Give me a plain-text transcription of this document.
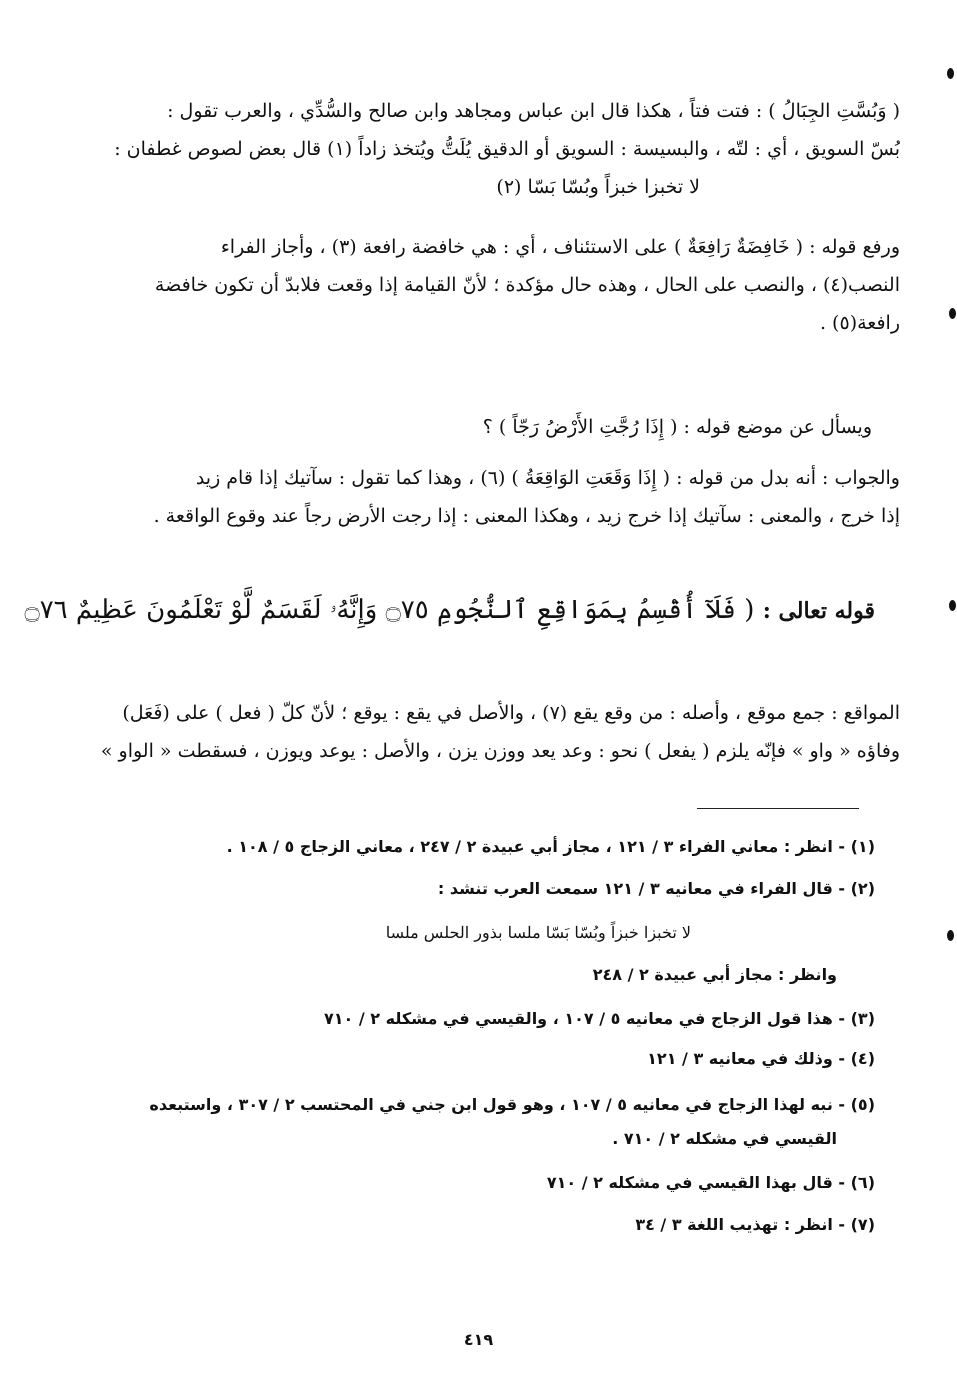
( وَبُسَّتِ الجِبَالُ ) : فتت فتاً ، هكذا قال ابن عباس ومجاهد وابن صالح والسُّدِّي ، والعرب تقول :
بُسّ السويق ، أي : لتّه ، والبسيسة : السويق أو الدقيق يُلَتُّ ويُتخذ زاداً (١) قال بعض لصوص غطفان :
لا تخبزا خبزاً وبُسّا بَسّا (٢)
ورفع قوله : ( خَافِضَةٌ رَافِعَةٌ ) على الاستئناف ، أي : هي خافضة رافعة (٣) ، وأجاز الفراء
النصب(٤) ، والنصب على الحال ، وهذه حال مؤكدة ؛ لأنّ القيامة إذا وقعت فلابدّ أن تكون خافضة
رافعة(٥) .
ويسأل عن موضع قوله : ( إِذَا رُجَّتِ الأَرْضُ رَجّاً ) ؟
والجواب : أنه بدل من قوله : ( إِذَا وَقَعَتِ الوَاقِعَةُ ) (٦) ، وهذا كما تقول : سآتيك إذا قام زيد
إذا خرج ، والمعنى : سآتيك إذا خرج زيد ، وهكذا المعنى : إذا رجت الأرض رجاً عند وقوع الواقعة .
قوله تعالى : ( فَلَآ أُقْسِمُ بِمَوَاقِعِ ٱلنُّجُومِ ۝٧٥ وَإِنَّهُۥ لَقَسَمٌ لَّوْ تَعْلَمُونَ عَظِيمٌ ۝٧٦
المواقع : جمع موقع ، وأصله : من وقع يقع (٧) ، والأصل في يقع : يوقع ؛ لأنّ كلّ ( فعل ) على (فَعَل)
وفاؤه « واو » فإنّه يلزم ( يفعل ) نحو : وعد يعد ووزن يزن ، والأصل : يوعد ويوزن ، فسقطت « الواو »
(١) - انظر : معاني الفراء ٣ / ١٢١ ، مجاز أبي عبيدة ٢ / ٢٤٧ ، معاني الزجاج ٥ / ١٠٨ .
(٢) - قال الفراء في معانيه ٣ / ١٢١ سمعت العرب تنشد :
لا تخبزا خبزاً وبُسّا بَسّا ملسا بذور الحلس ملسا
وانظر : مجاز أبي عبيدة ٢ / ٢٤٨
(٣) - هذا قول الزجاج في معانيه ٥ / ١٠٧ ، والقيسي في مشكله ٢ / ٧١٠
(٤) - وذلك في معانيه ٣ / ١٢١
(٥) - نبه لهذا الزجاج في معانيه ٥ / ١٠٧ ، وهو قول ابن جني في المحتسب ٢ / ٣٠٧ ، واستبعده
القيسي في مشكله ٢ / ٧١٠ .
(٦) - قال بهذا القيسي في مشكله ٢ / ٧١٠
(٧) - انظر : تهذيب اللغة ٣ / ٣٤
٤١٩
